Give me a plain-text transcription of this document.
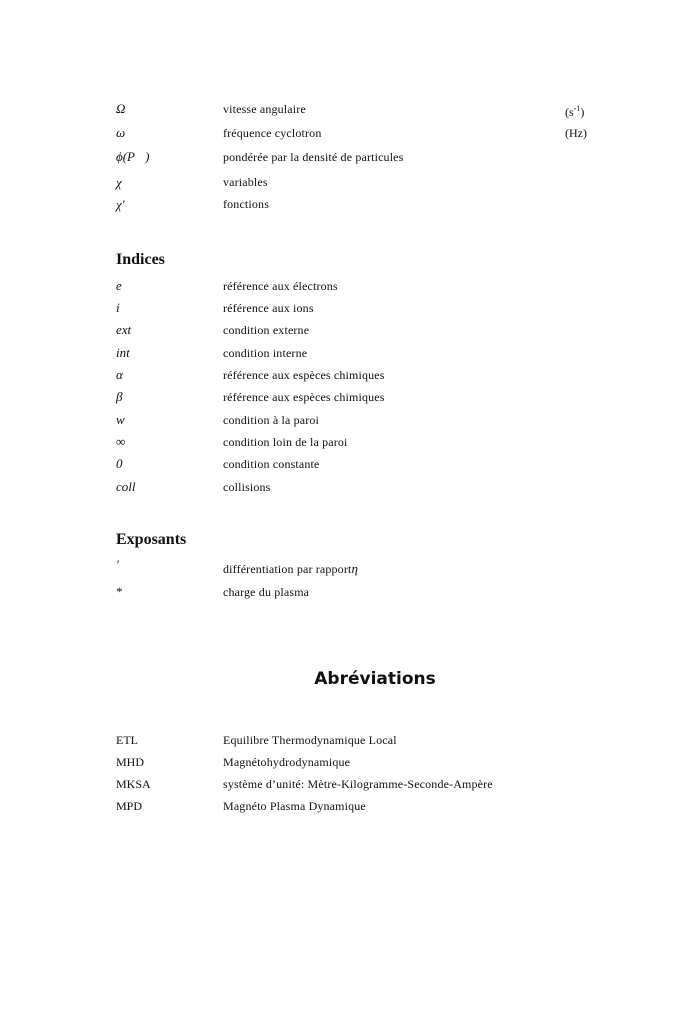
Ω	vitesse angulaire	$(s^{-1})$
ω	fréquence cyclotron	(Hz)
ϕ(P⃗)	pondérée par la densité de particules
χ	variables
χ′	fonctions
Indices
e	référence aux électrons
i	référence aux ions
ext	condition externe
int	condition interne
α	référence aux espèces chimiques
β	référence aux espèces chimiques
w	condition à la paroi
∞	condition loin de la paroi
0	condition constante
coll	collisions
Exposants
′	différentiation par rapportη
*	charge du plasma
Abréviations
ETL	Equilibre Thermodynamique Local
MHD	Magnétohydrodynamique
MKSA	système d’unité: Mètre-Kilogramme-Seconde-Ampère
MPD	Magnéto Plasma Dynamique
